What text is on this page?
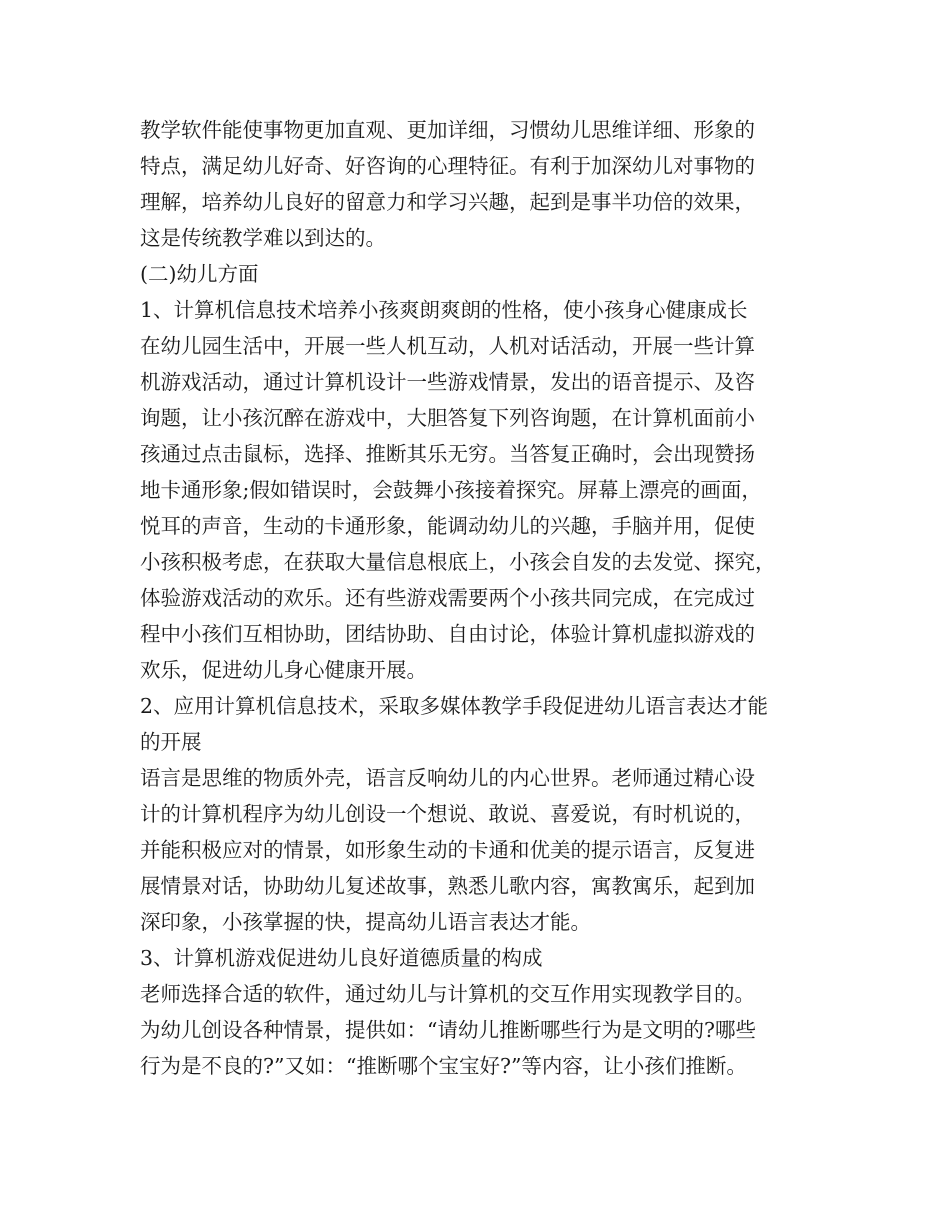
教学软件能使事物更加直观、更加详细，习惯幼儿思维详细、形象的
特点，满足幼儿好奇、好咨询的心理特征。有利于加深幼儿对事物的
理解，培养幼儿良好的留意力和学习兴趣，起到是事半功倍的效果，
这是传统教学难以到达的。
(二)幼儿方面
1、计算机信息技术培养小孩爽朗爽朗的性格，使小孩身心健康成长
在幼儿园生活中，开展一些人机互动，人机对话活动，开展一些计算
机游戏活动，通过计算机设计一些游戏情景，发出的语音提示、及咨
询题，让小孩沉醉在游戏中，大胆答复下列咨询题，在计算机面前小
孩通过点击鼠标，选择、推断其乐无穷。当答复正确时，会出现赞扬
地卡通形象;假如错误时，会鼓舞小孩接着探究。屏幕上漂亮的画面，
悦耳的声音，生动的卡通形象，能调动幼儿的兴趣，手脑并用，促使
小孩积极考虑，在获取大量信息根底上，小孩会自发的去发觉、探究，
体验游戏活动的欢乐。还有些游戏需要两个小孩共同完成，在完成过
程中小孩们互相协助，团结协助、自由讨论，体验计算机虚拟游戏的
欢乐，促进幼儿身心健康开展。
2、应用计算机信息技术，采取多媒体教学手段促进幼儿语言表达才能
的开展
语言是思维的物质外壳，语言反响幼儿的内心世界。老师通过精心设
计的计算机程序为幼儿创设一个想说、敢说、喜爱说，有时机说的，
并能积极应对的情景，如形象生动的卡通和优美的提示语言，反复进
展情景对话，协助幼儿复述故事，熟悉儿歌内容，寓教寓乐，起到加
深印象，小孩掌握的快，提高幼儿语言表达才能。
3、计算机游戏促进幼儿良好道德质量的构成
老师选择合适的软件，通过幼儿与计算机的交互作用实现教学目的。
为幼儿创设各种情景，提供如：“请幼儿推断哪些行为是文明的?哪些
行为是不良的?”又如：“推断哪个宝宝好?”等内容，让小孩们推断。
